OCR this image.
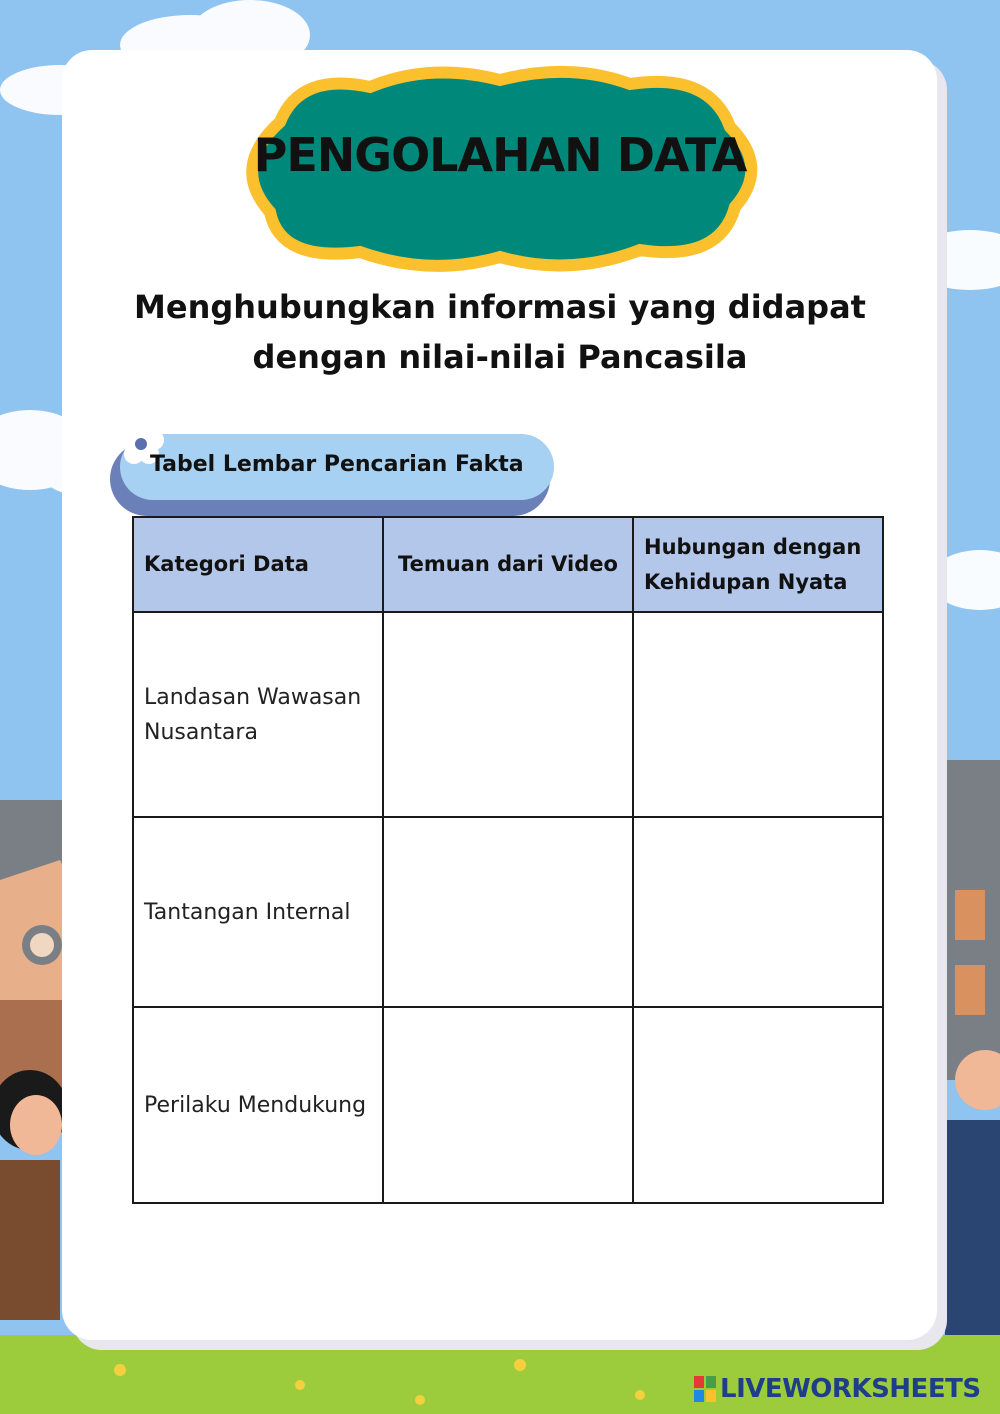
PENGOLAHAN DATA

Menghubungkan informasi yang didapat
dengan nilai-nilai Pancasila

Tabel Lembar Pencarian Fakta
Kategori Data	Temuan dari Video	Hubungan dengan Kehidupan Nyata
Landasan Wawasan Nusantara		
Tantangan Internal		
Perilaku Mendukung		
LIVEWORKSHEETS
